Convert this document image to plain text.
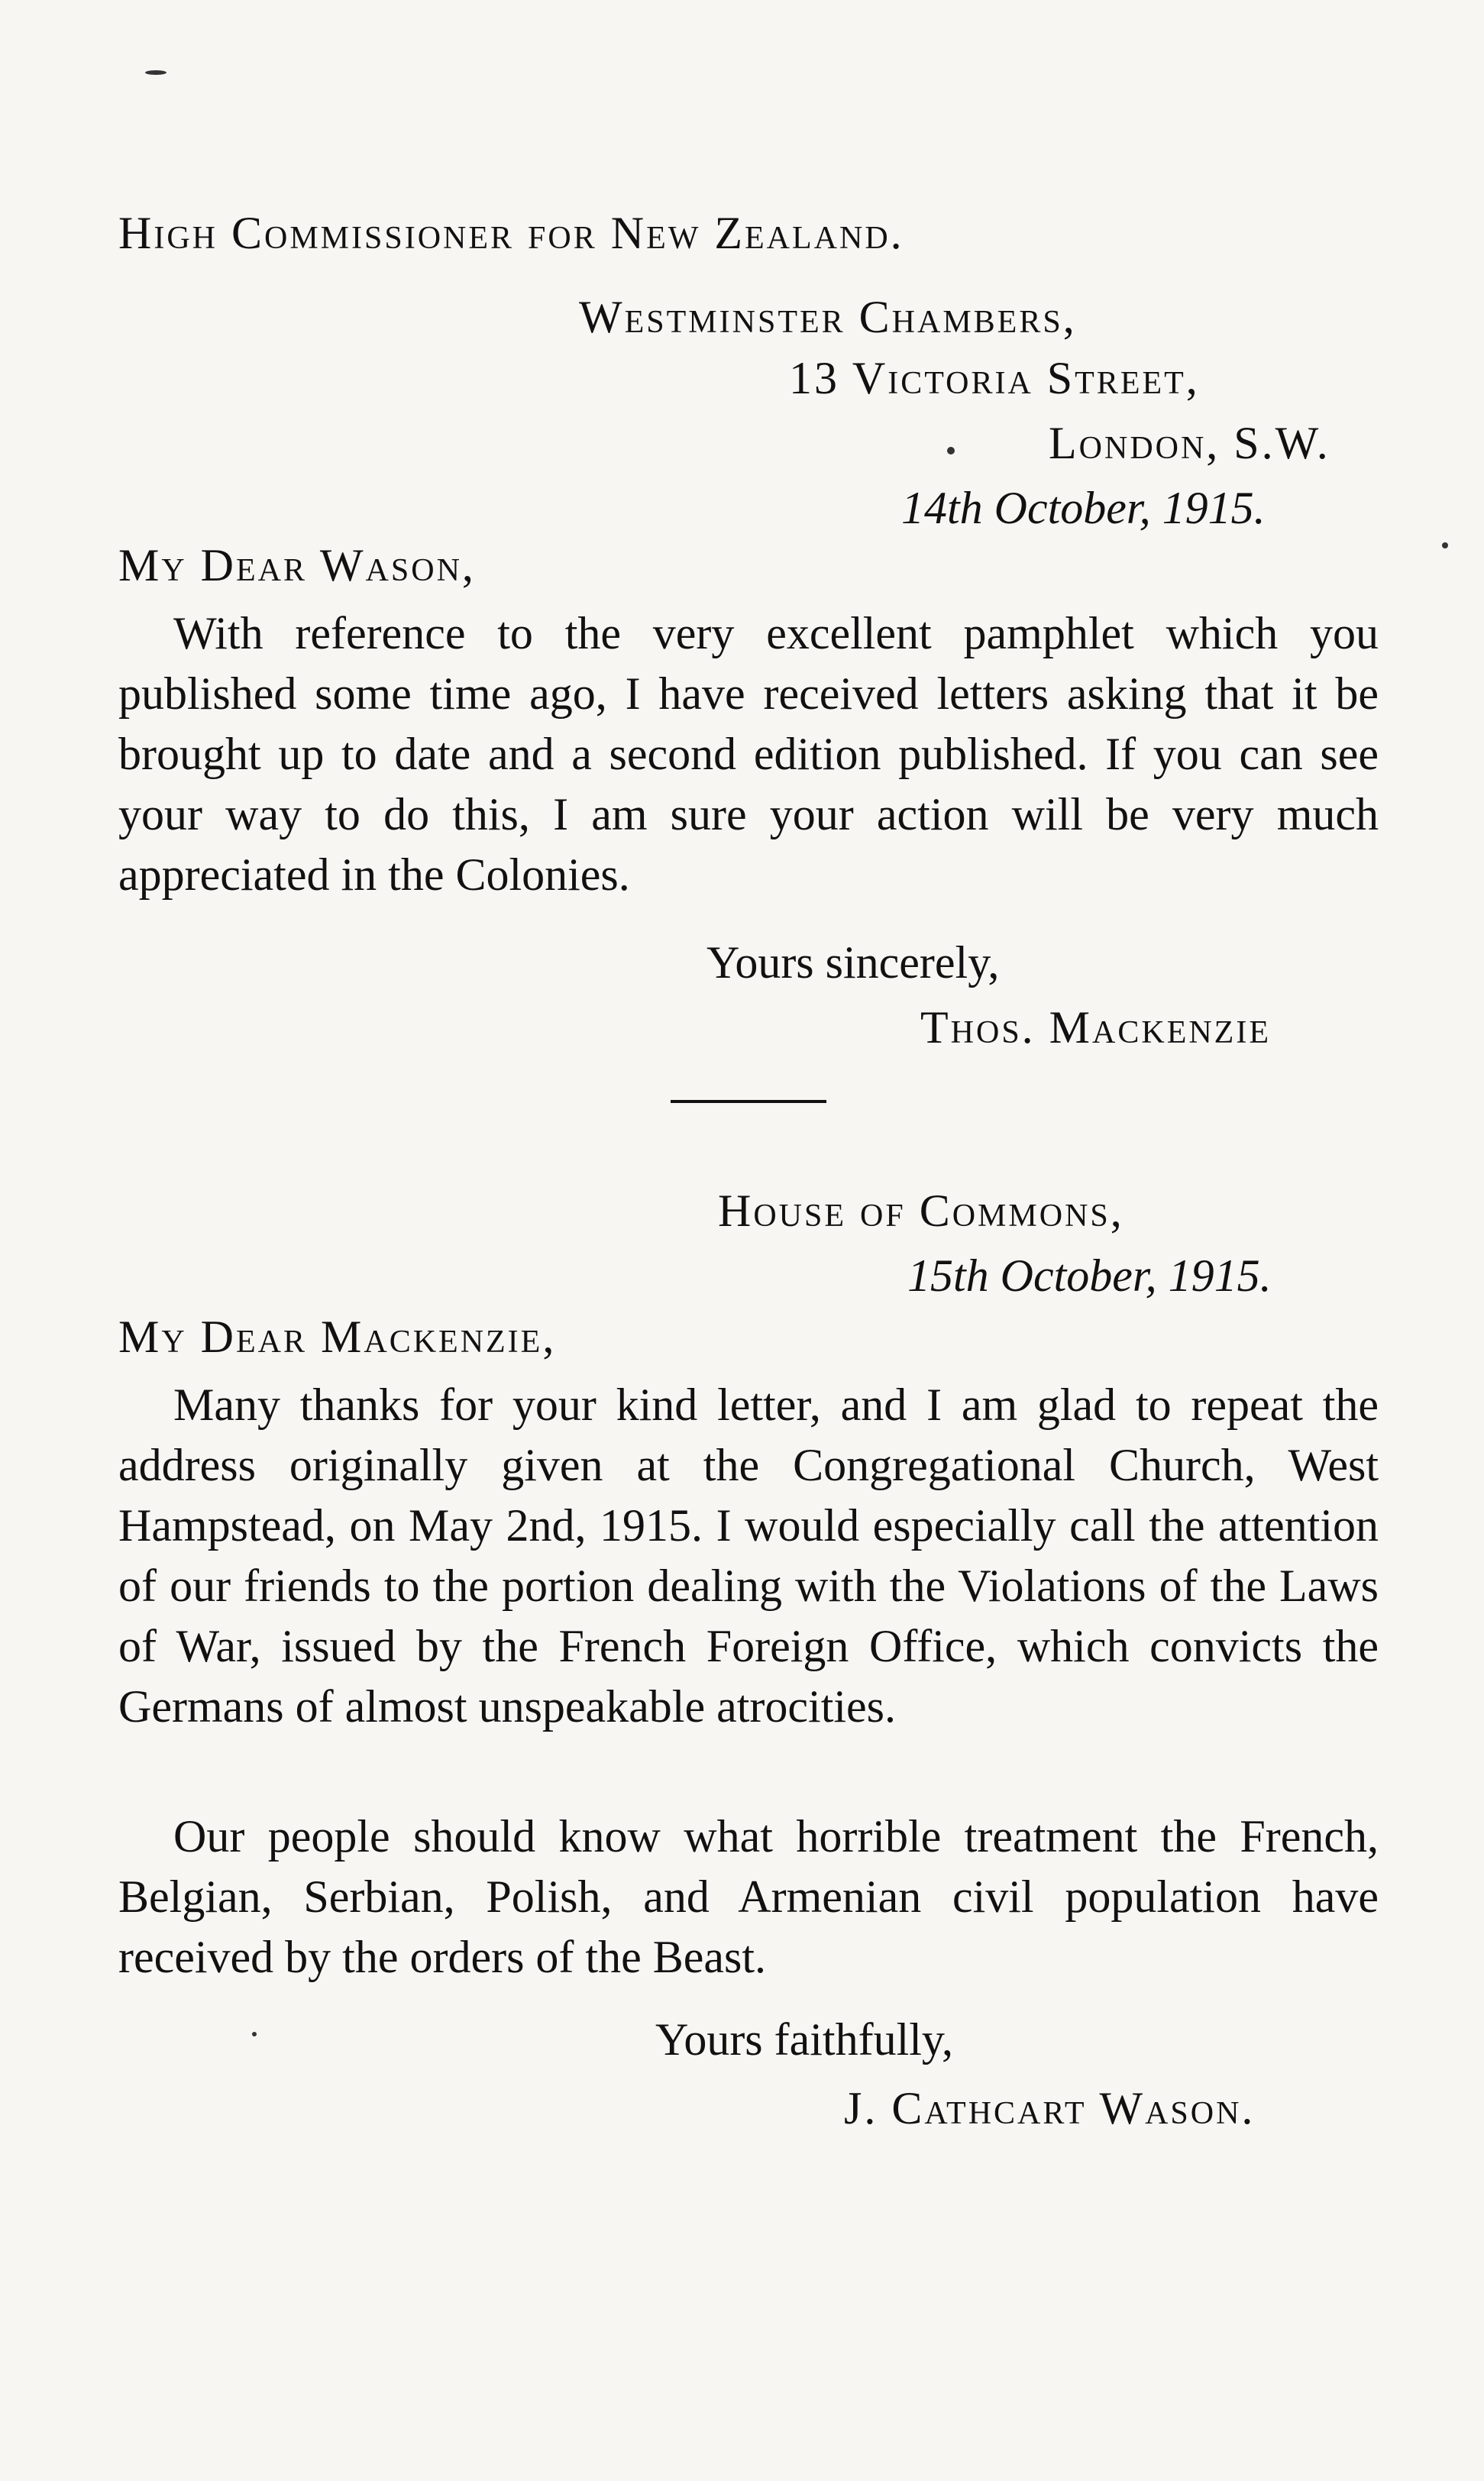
High Commissioner for New Zealand.
Westminster Chambers,
13 Victoria Street,
London, S.W.
14th October, 1915.
My Dear Wason,
With reference to the very excellent pamphlet which you published some time ago, I have received letters asking that it be brought up to date and a second edition published. If you can see your way to do this, I am sure your action will be very much appreciated in the Colonies.
Yours sincerely,
Thos. Mackenzie
House of Commons,
15th October, 1915.
My Dear Mackenzie,
Many thanks for your kind letter, and I am glad to repeat the address originally given at the Congregational Church, West Hampstead, on May 2nd, 1915. I would especially call the attention of our friends to the portion dealing with the Violations of the Laws of War, issued by the French Foreign Office, which convicts the Germans of almost unspeakable atrocities.
Our people should know what horrible treatment the French, Belgian, Serbian, Polish, and Armenian civil population have received by the orders of the Beast.
Yours faithfully,
J. Cathcart Wason.
